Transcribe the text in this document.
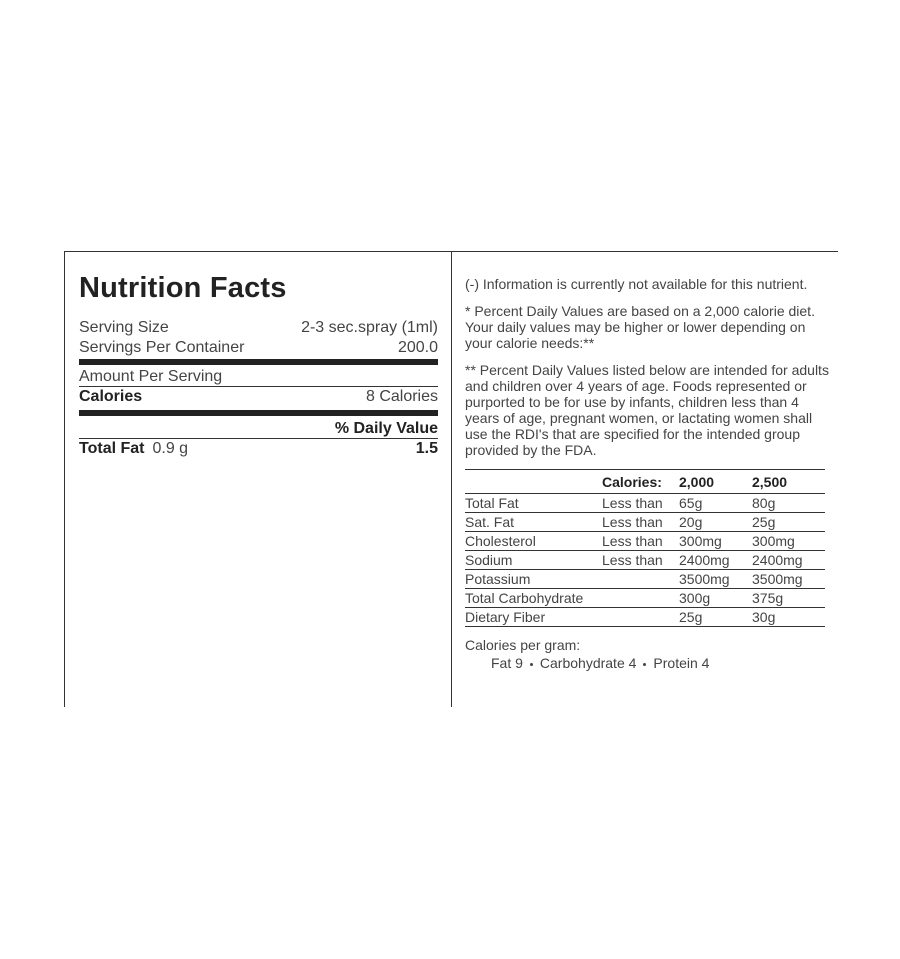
Nutrition Facts
Serving Size	2-3 sec.spray (1ml)
Servings Per Container	200.0
Amount Per Serving
Calories	8 Calories
% Daily Value
Total Fat 0.9 g	1.5

(-) Information is currently not available for this nutrient.

* Percent Daily Values are based on a 2,000 calorie diet. Your daily values may be higher or lower depending on your calorie needs:**

** Percent Daily Values listed below are intended for adults and children over 4 years of age. Foods represented or purported to be for use by infants, children less than 4 years of age, pregnant women, or lactating women shall use the RDI's that are specified for the intended group provided by the FDA.

	Calories:	2,000	2,500
Total Fat	Less than	65g	80g
Sat. Fat	Less than	20g	25g
Cholesterol	Less than	300mg	300mg
Sodium	Less than	2400mg	2400mg
Potassium		3500mg	3500mg
Total Carbohydrate		300g	375g
Dietary Fiber		25g	30g
Calories per gram:
Fat 9 Carbohydrate 4 Protein 4
